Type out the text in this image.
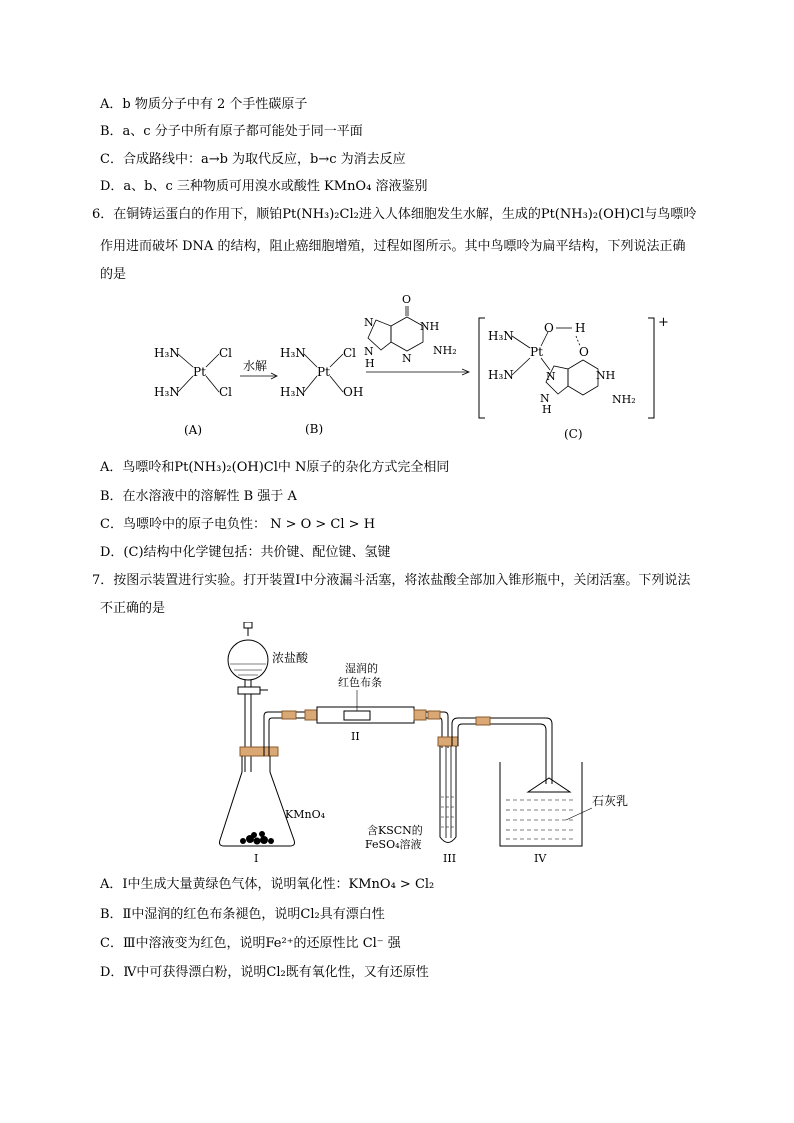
A．b 物质分子中有 2 个手性碳原子
B．a、c 分子中所有原子都可能处于同一平面
C．合成路线中：a→b 为取代反应，b→c 为消去反应
D．a、b、c 三种物质可用溴水或酸性 KMnO₄ 溶液鉴别
6．在铜铸运蛋白的作用下，顺铂Pt(NH₃)₂Cl₂进入人体细胞发生水解，生成的Pt(NH₃)₂(OH)Cl与鸟嘌呤
作用进而破坏 DNA 的结构，阻止癌细胞增殖，过程如图所示。其中鸟嘌呤为扁平结构，下列说法正确
的是
H₃N
H₃N
Pt
Cl
Cl
(A)
水解
H₃N
H₃N
Pt
Cl
OH
(B)
O
NH
NH₂
N
N
N
H
+
H₃N
H₃N
Pt
O H
O
N	NH
NH₂
N
H
(C)
A．鸟嘌呤和Pt(NH₃)₂(OH)Cl中 N原子的杂化方式完全相同
B．在水溶液中的溶解性 B 强于 A
C．鸟嘌呤中的原子电负性： N > O > Cl > H
D．(C)结构中化学键包括：共价键、配位键、氢键
7．按图示装置进行实验。打开装置Ⅰ中分液漏斗活塞，将浓盐酸全部加入锥形瓶中，关闭活塞。下列说法
不正确的是
浓盐酸
KMnO₄
I
湿润的
红色布条
II
含KSCN的
FeSO₄溶液
III
石灰乳
IV
A．Ⅰ中生成大量黄绿色气体，说明氧化性：KMnO₄ > Cl₂
B．Ⅱ中湿润的红色布条褪色，说明Cl₂具有漂白性
C．Ⅲ中溶液变为红色，说明Fe²⁺的还原性比 Cl⁻ 强
D．Ⅳ中可获得漂白粉，说明Cl₂既有氧化性，又有还原性
